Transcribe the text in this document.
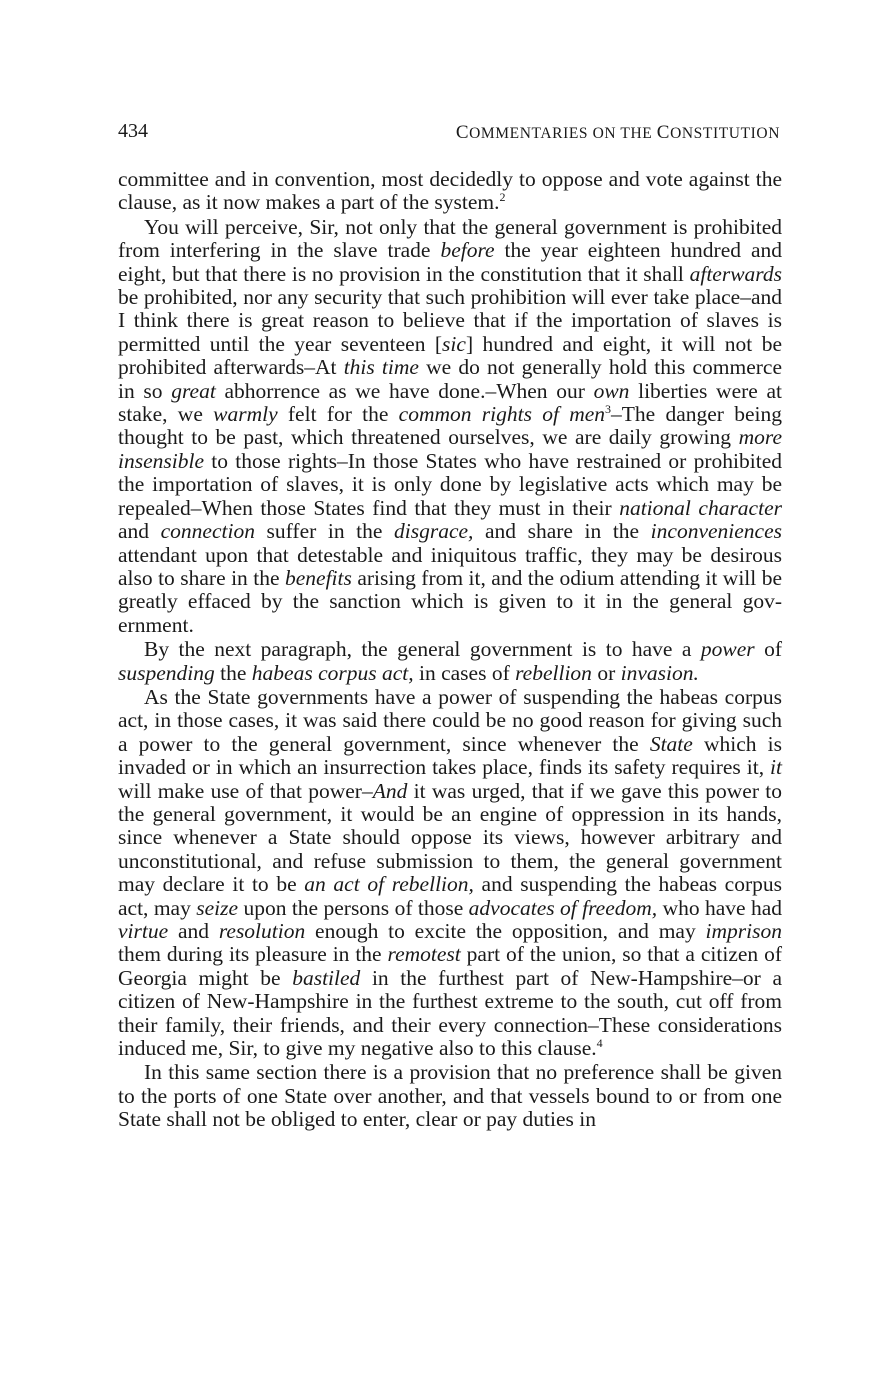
434	COMMENTARIES ON THE CONSTITUTION

committee and in convention, most decidedly to oppose and vote against the clause, as it now makes a part of the system.$^2$

You will perceive, Sir, not only that the general government is prohibited from interfering in the slave trade before the year eighteen hundred and eight, but that there is no provision in the constitution that it shall afterwards be prohibited, nor any security that such prohibition will ever take place–and I think there is great reason to believe that if the importation of slaves is permitted until the year seventeen [sic] hundred and eight, it will not be prohibited afterwards–At this time we do not generally hold this commerce in so great abhorrence as we have done.–When our own liberties were at stake, we warmly felt for the common rights of men$^3$–The danger being thought to be past, which threatened ourselves, we are daily growing more insensible to those rights–In those States who have restrained or prohibited the importation of slaves, it is only done by legislative acts which may be repealed–When those States find that they must in their national character and connection suffer in the disgrace, and share in the inconveniences attendant upon that detestable and iniquitous traffic, they may be desirous also to share in the benefits arising from it, and the odium attending it will be greatly effaced by the sanction which is given to it in the general government.

By the next paragraph, the general government is to have a power of suspending the habeas corpus act, in cases of rebellion or invasion.

As the State governments have a power of suspending the habeas corpus act, in those cases, it was said there could be no good reason for giving such a power to the general government, since whenever the State which is invaded or in which an insurrection takes place, finds its safety requires it, it will make use of that power–And it was urged, that if we gave this power to the general government, it would be an engine of oppression in its hands, since whenever a State should oppose its views, however arbitrary and unconstitutional, and refuse submission to them, the general government may declare it to be an act of rebellion, and suspending the habeas corpus act, may seize upon the persons of those advocates of freedom, who have had virtue and resolution enough to excite the opposition, and may imprison them during its pleasure in the remotest part of the union, so that a citizen of Georgia might be bastiled in the furthest part of New-Hampshire–or a citizen of New-Hampshire in the furthest extreme to the south, cut off from their family, their friends, and their every connection–These considerations induced me, Sir, to give my negative also to this clause.$^4$

In this same section there is a provision that no preference shall be given to the ports of one State over another, and that vessels bound to or from one State shall not be obliged to enter, clear or pay duties in
